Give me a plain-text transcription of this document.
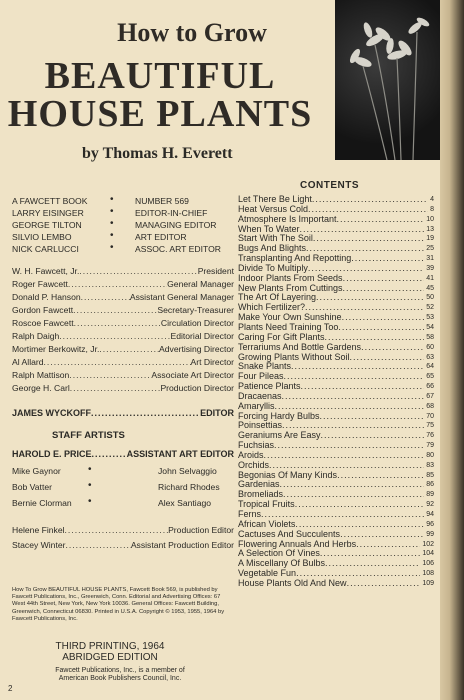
How to Grow
BEAUTIFUL
HOUSE PLANTS
by Thomas H. Everett
A FAWCETT BOOK • NUMBER 569
LARRY EISINGER	• EDITOR-IN-CHIEF
GEORGE TILTON	• MANAGING EDITOR
SILVIO LEMBO	• ART EDITOR
NICK CARLUCCI	• ASSOC. ART EDITOR
W. H. Fawcett, Jr. .....	President
Roger Fawcett .....	General Manager
Donald P. Hanson .....	Assistant General Manager
Gordon Fawcett .....	Secretary-Treasurer
Roscoe Fawcett .....	Circulation Director
Ralph Daigh .....	Editorial Director
Mortimer Berkowitz, Jr. .....	Advertising Director
Al Allard .....	Art Director
Ralph Mattison .....	Associate Art Director
George H. Carl .....	Production Director
JAMES WYCKOFF .....	EDITOR
STAFF ARTISTS
HAROLD E. PRICE .....	ASSISTANT ART EDITOR
Mike Gaynor	•	John Selvaggio
Bob Vatter	•	Richard Rhodes
Bernie Clorman •	Alex Santiago
Helene Finkel .....	Production Editor
Stacey Winter .....	Assistant Production Editor
How To Grow BEAUTIFUL HOUSE PLANTS, Fawcett Book 569, is published by Fawcett Publications, Inc., Greenwich, Conn. Editorial and Advertising Offices: 67 West 44th Street, New York, New York 10036. General Offices: Fawcett Building, Greenwich, Connecticut 06830. Printed in U.S.A. Copyright © 1953, 1955, 1964 by Fawcett Publications, Inc.
THIRD PRINTING, 1964
ABRIDGED EDITION
Fawcett Publications, Inc., is a member of
American Book Publishers Council, Inc.
2
CONTENTS
Let There Be Light .....	4
Heat Versus Cold .....	8
Atmosphere Is Important .....	10
When To Water .....	13
Start With The Soil .....	19
Bugs And Blights .....	25
Transplanting And Repotting .....	31
Divide To Multiply .....	39
Indoor Plants From Seeds .....	41
New Plants From Cuttings .....	45
The Art Of Layering .....	50
Which Fertilizer? .....	52
Make Your Own Sunshine .....	53
Plants Need Training Too .....	54
Caring For Gift Plants .....	58
Terrariums And Bottle Gardens .....	60
Growing Plants Without Soil .....	63
Snake Plants .....	64
Four Pileas .....	65
Patience Plants .....	66
Dracaenas .....	67
Amaryllis .....	68
Forcing Hardy Bulbs .....	70
Poinsettias .....	75
Geraniums Are Easy .....	76
Fuchsias .....	79
Aroids .....	80
Orchids .....	83
Begonias Of Many Kinds .....	85
Gardenias .....	86
Bromeliads .....	89
Tropical Fruits .....	92
Ferns .....	94
African Violets .....	96
Cactuses And Succulents .....	99
Flowering Annuals And Herbs .....	102
A Selection Of Vines .....	104
A Miscellany Of Bulbs .....	106
Vegetable Fun .....	108
House Plants Old And New .....	109
